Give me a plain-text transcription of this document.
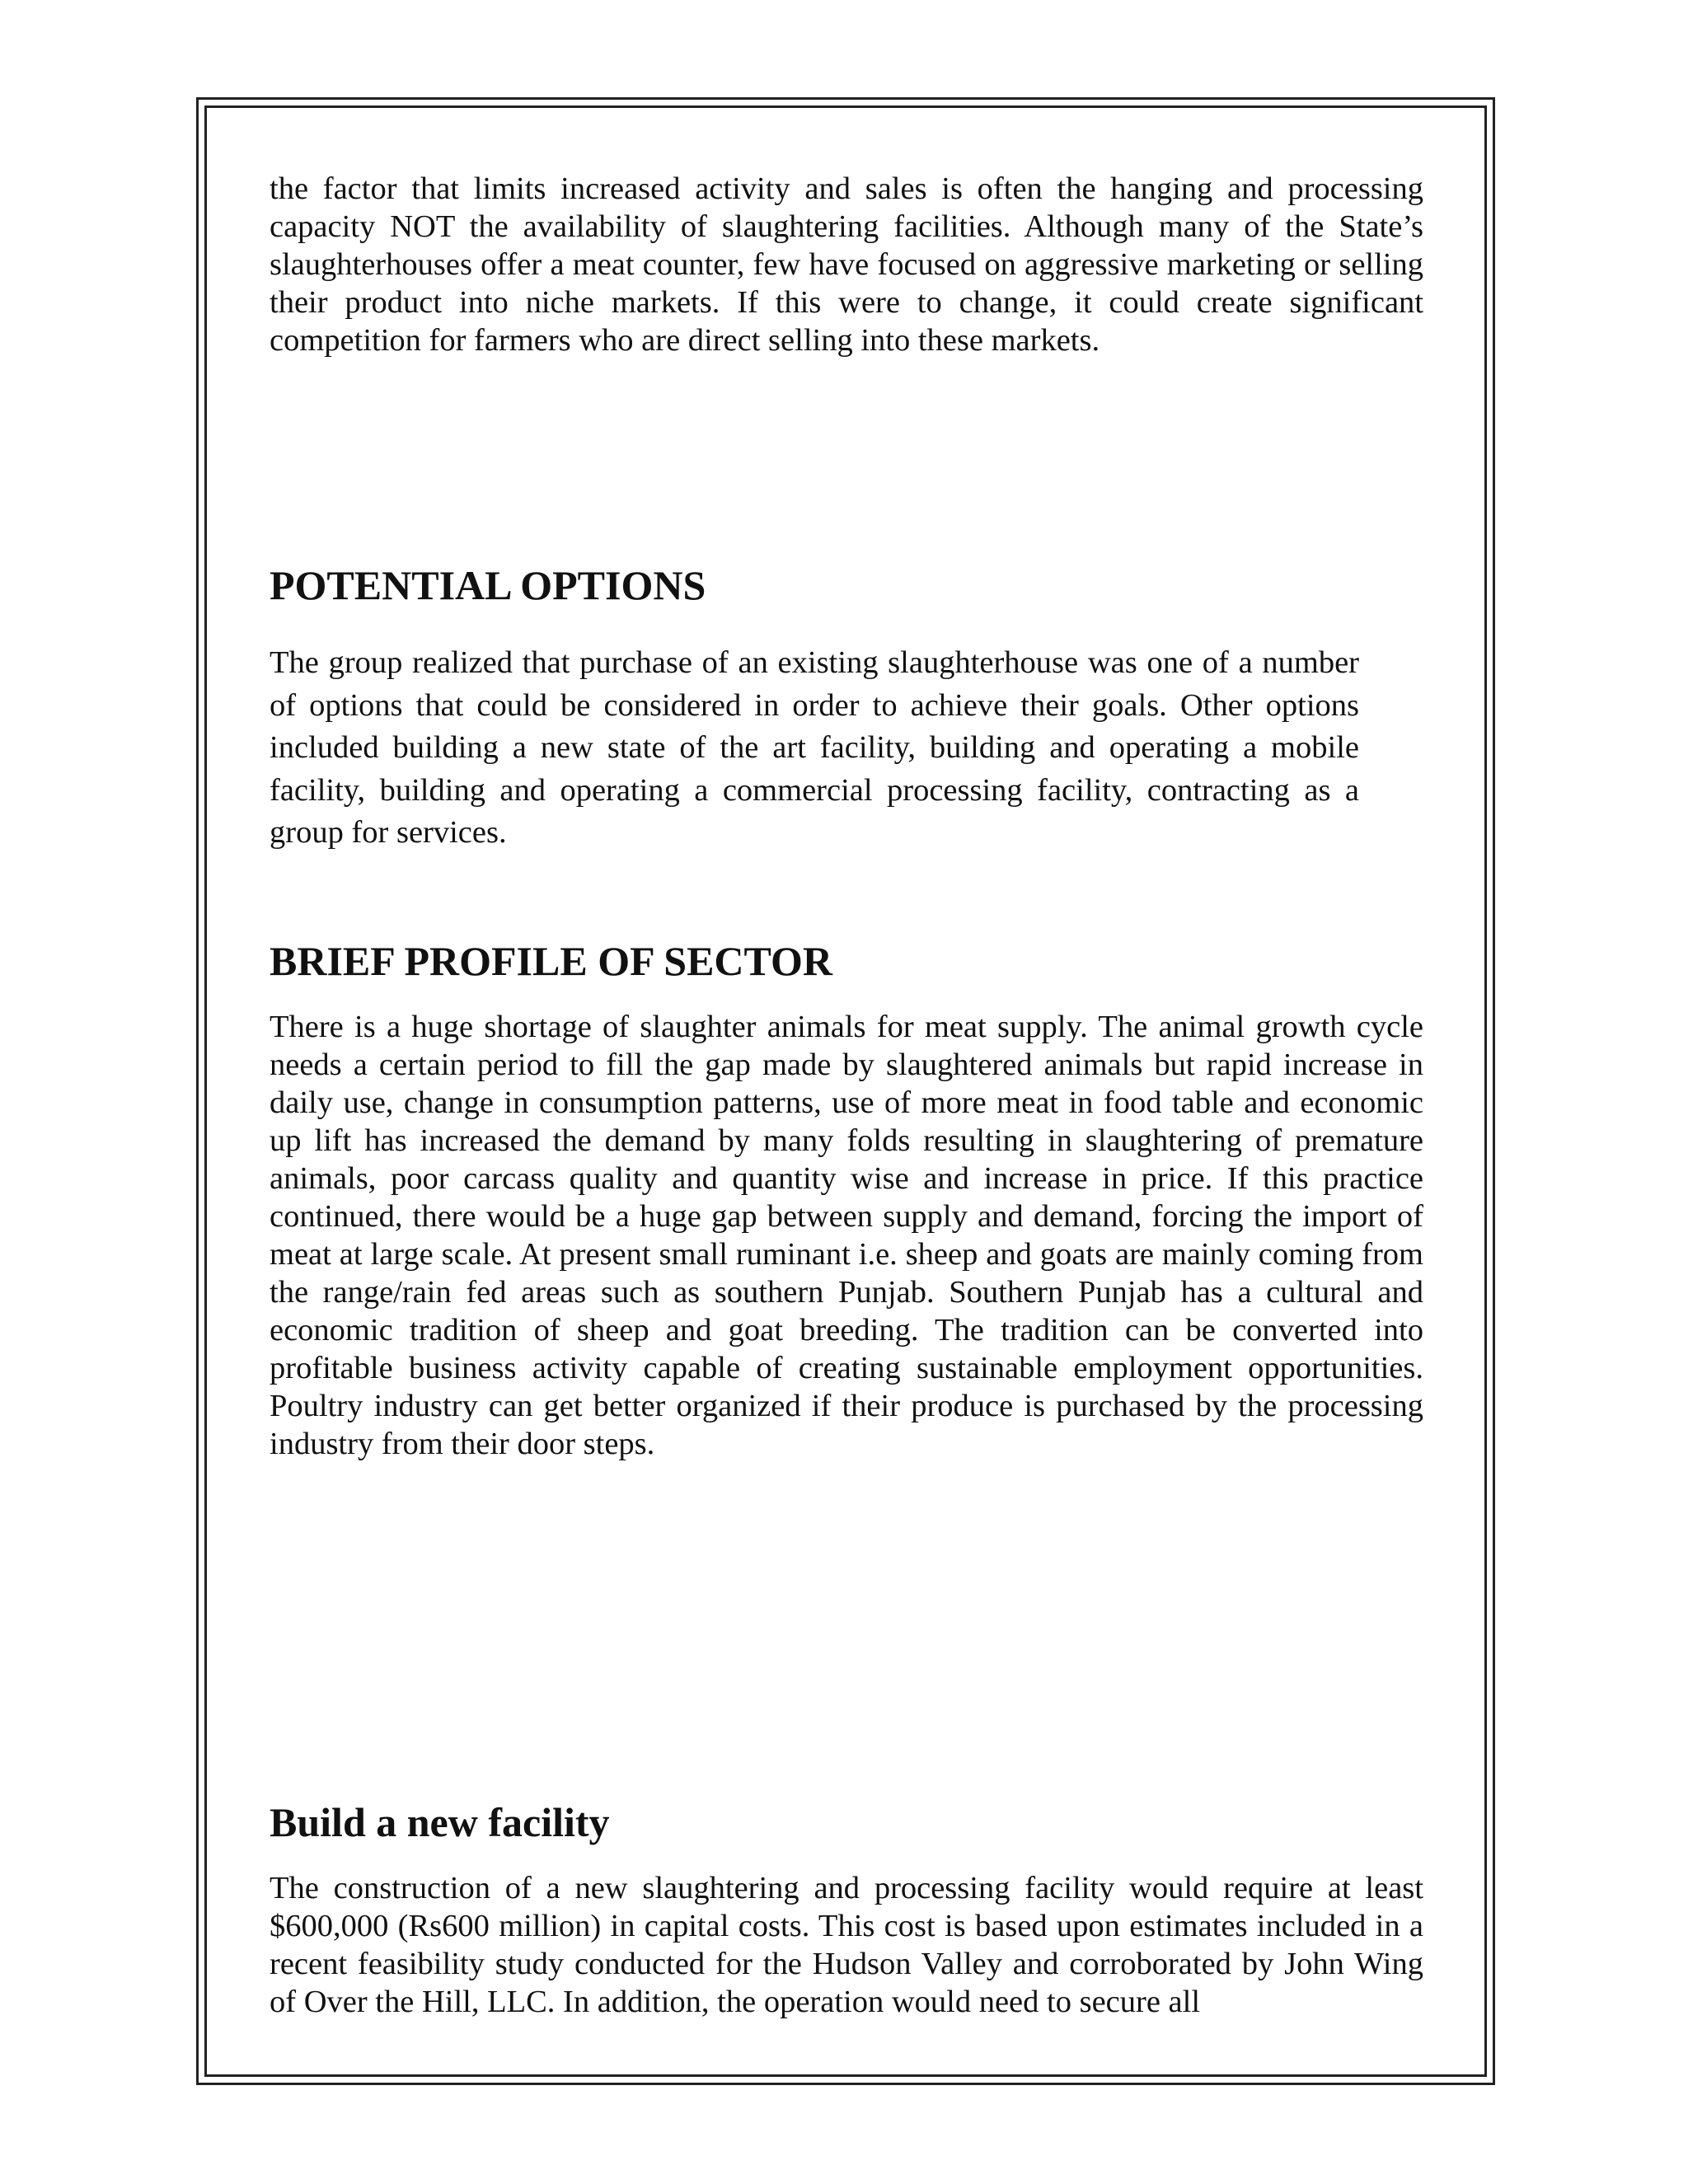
the factor that limits increased activity and sales is often the hanging and processing capacity NOT the availability of slaughtering facilities. Although many of the State’s slaughterhouses offer a meat counter, few have focused on aggressive marketing or selling their product into niche markets. If this were to change, it could create significant competition for farmers who are direct selling into these markets.

POTENTIAL OPTIONS

The group realized that purchase of an existing slaughterhouse was one of a number of options that could be considered in order to achieve their goals. Other options included building a new state of the art facility, building and operating a mobile facility, building and operating a commercial processing facility, contracting as a group for services.

BRIEF PROFILE OF SECTOR

There is a huge shortage of slaughter animals for meat supply. The animal growth cycle needs a certain period to fill the gap made by slaughtered animals but rapid increase in daily use, change in consumption patterns, use of more meat in food table and economic up lift has increased the demand by many folds resulting in slaughtering of premature animals, poor carcass quality and quantity wise and increase in price. If this practice continued, there would be a huge gap between supply and demand, forcing the import of meat at large scale. At present small ruminant i.e. sheep and goats are mainly coming from the range/rain fed areas such as southern Punjab. Southern Punjab has a cultural and economic tradition of sheep and goat breeding. The tradition can be converted into profitable business activity capable of creating sustainable employment opportunities. Poultry industry can get better organized if their produce is purchased by the processing industry from their door steps.

Build a new facility

The construction of a new slaughtering and processing facility would require at least $600,000 (Rs600 million) in capital costs. This cost is based upon estimates included in a recent feasibility study conducted for the Hudson Valley and corroborated by John Wing of Over the Hill, LLC. In addition, the operation would need to secure all
